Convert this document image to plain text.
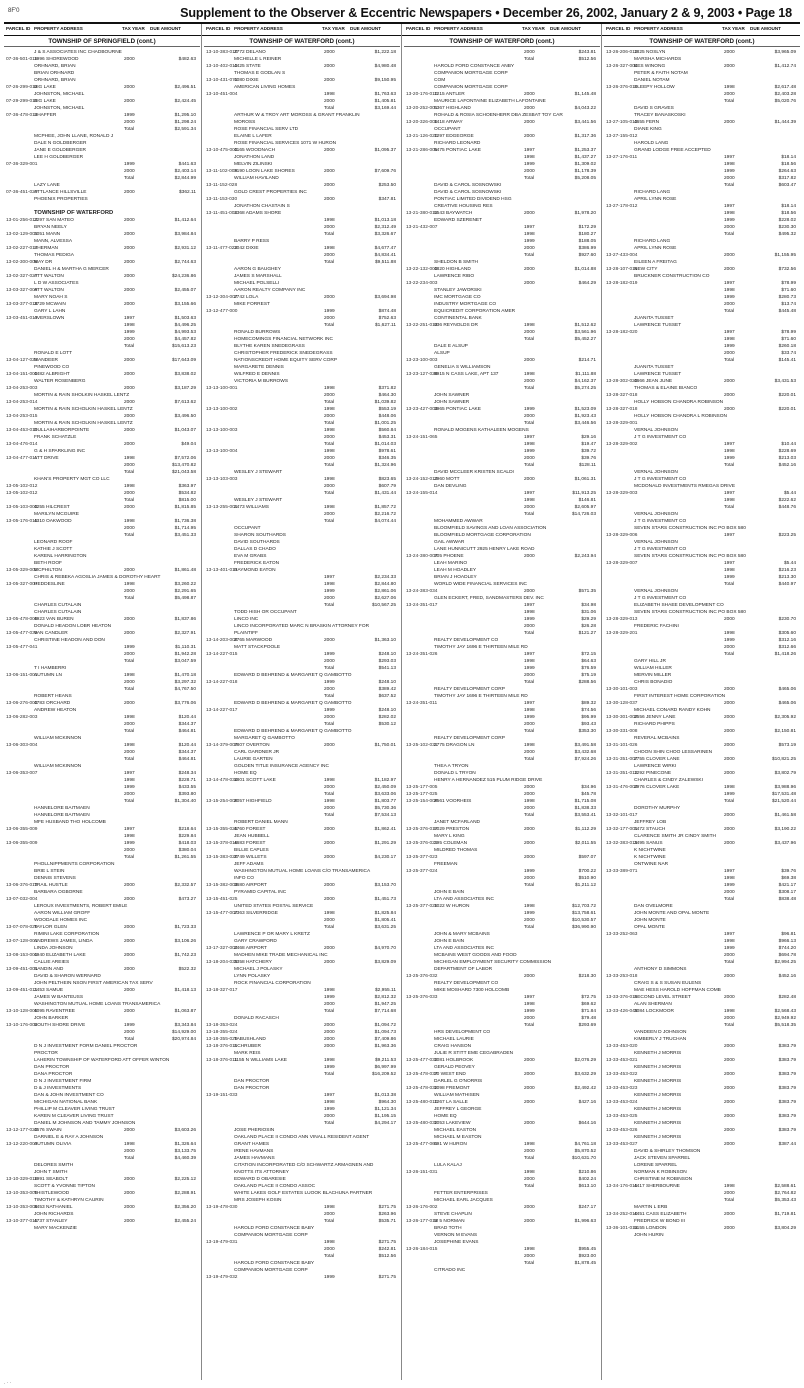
8F'0	Supplement to the Observer & Eccentric Newspapers • December 26, 2002, January 2 & 9, 2003 • Page 18
PARCEL ID PROPERTY ADDRESS	TAX YEAR DUE AMOUNT	PARCEL ID PROPERTY ADDRESS	TAX YEAR DUE AMOUNT	PARCEL ID PROPERTY ADDRESS	TAX YEAR DUE AMOUNT	PARCEL ID PROPERTY ADDRESS	TAX YEAR DUE AMOUNT
TOWNSHIP OF SPRINGFIELD (cont.)
J & S ASSOCIATES INC CHADBOURNE
07-36-501-015
1996 SHOREWOOD	2000	$482.63
ORHNARD, BRIAN
BRIAN ORHNARD
ORHNARD, BRIAN
07-26-299-012
BIG LAKE	2000	$2,496.51
JOHNSTON, MICHAEL
07-29-299-015
BIG LAKE	2000	$2,424.45
JOHNSTON, MICHAEL
07-36-478-013
SHAFFER	1999	$1,295.10
2000	$1,298.24
Total	$2,591.34
MCPHEE, JOHN LLANE, RONALD J
DALE N GOLDBERGER
JANE E GOLDBERGER
LEE H GOLDBERGER
07-36-329-001	1999	$441.63
2000	$2,403.14
Total	$2,844.99
LAZY LANE
07-36-451-020
ATTLANCE HILLSVILLE	2000	$362.11
PHOENIX PROPERTIES
TOWNSHIP OF WATERFORD
13-01-256-013
2297 SAN MATEO	2000	$1,412.64
BRYAN NEELY
13-02-129-001
3051 MANN	2000	$3,984.84
MANN, ALVESSA
13-02-227-017
SHERMAN	2000	$2,931.12
THOMAS PEDIGA
13-02-300-006
MAY DR	2000	$2,744.63
DANIEL H & MARTHA G MERCER
13-02-327-027
ATT WALTON	2000	$24,236.86
L D W ASSOCIATES
13-03-327-008
ATT WALTON	2000	$2,455.07
MARY NOAH S
13-03-377-018
3729 MCWAIN	2000	$3,155.66
GARY L LAHN
13-03-451-013
AVERSLOWN	1997	$1,503.63
1998	$4,496.25
1999	$4,993.53
2000	$4,457.82
Total	$15,613.23
RONALD E LOTT
13-04-127-021
MANDEER	2000	$17,643.09
PINEWOOD CO
13-04-151-003
4482 ALBRIGHT	2000	$3,838.02
WALTER ROSENBERG
13-04-253-003	2000	$3,187.29
MORTIN & RAIN SHOLKIN HASKEL LENTZ
13-04-253-014	2000	$7,613.62
MORTIN & RAIN SCHOLKIN HASKEL LENTZ
13-04-253-015	2000	$3,496.50
MORTIN & RAIN SCHOLKIN HASKEL LENTZ
13-04-453-015
DULLAIHARBORPOINTE	2000	$1,043.07
FRANK SCHATZLE
13-04-476-014	2000	$49.04
G & H SPARKLING INC
13-04-477-011
ATT DRIVE	1998	$7,572.06
2000	$13,470.82
Total	$21,043.58
KHAN'S PROPERTY MGT CO LLC
13-05-102-012	1998	$363.97
13-05-102-012	2000	$534.82
Total	$815.00
13-05-103-003
4255 HILCREST	2000	$1,815.85
MARILYN MCGUIRE
13-05-176-015
4310 OAKWOOD	1998	$1,736.38
2000	$1,714.95
Total	$3,451.33
LEONARD ROOF
KATHIE J SCOTT
KARENL HARRINGTON
BETH ROOF
13-05-329-002
MCPHILTON	2000	$1,861.48
CHRIS & REBEKA AGOSLIA JAMES & DOROTHY HEART
13-05-327-007
HEDDESLINE	1998	$3,260.22
2000	$2,291.65
Total	$5,498.87
CHARLES CUTALAIN
CHARLES CUTALAIN
13-05-478-009
4923 VAN BUREN	2000	$1,837.86
DONALD HEADON LOBR HEATON
13-05-477-035
VAN CANDLER	2000	$2,327.91
CHRISTINE HEADON AND DON
13-05-477-041	1999	$1,110.31
2000	$1,942.28
Total	$3,047.59
T I HAMBERRI
13-06-151-001
AUTUMN LN	1998	$1,470.18
2000	$3,297.32
Total	$4,767.50
ROBERT HEANS
13-06-276-003
4783 ORCHARD	2000	$3,776.06
ANDREW HEATON
13-06-282-003	1998	$120.44
2000	$344.37
Total	$464.81
WILLIAM MCKINNON
13-06-303-004	1998	$120.44
2000	$344.37
Total	$464.81
WILLIAM MCKINNON
13-06-353-007	1997	$248.34
1998	$228.71
1999	$433.55
2000	$393.80
Total	$1,304.40
HANNELORE BAITMAEN
HANNELORE BAITMAEN
MFE HUSBAND THO HOLCOMB
13-06-355-009	1997	$218.64
1998	$229.84
13-06-355-009	1999	$418.03
2000	$380.04
Total	$1,261.55
PHOLLNIPPMENTS CORPORATION
BRIE L STEIN
DENNIS STEVENS
13-06-376-013
TRAIL HUSTLE	2000	$2,332.57
BARBARA OGBORNE
13-07-032-004	2000	$473.27
LEROUX INVESTMENTS, ROBERT EMILE
AARON WILLIAM GROFF
WOODALE HOMES INC
13-07-078-026
TAYLOR GLEN	2000	$1,723.33
RIMINI LAKE CORPORATION
13-07-128-001
ANDREWS JAMES, LINDA	2000	$3,106.26
LINDA JOHNSON
13-08-153-001
4940 ELIZABETH LAKE	2000	$1,742.23
CALLIE AREIES
13-09-451-001
SANDIN AND	2000	$522.32
DAVID & SHARON WERNARD
JOHN PELTHEIN NSON FIRST AMERICAN TAX SERV
13-09-451-011
3453 SAMUE	2000	$1,418.13
JAMES W BANTEUSS
WASHINGTON MUTUAL HOME LOANS TRANSAMERICA
13-10-128-005
4095 RAVENTREE	2000	$1,063.87
JOHN BARKER
13-10-176-002
SOUTH SHORE DRIVE	1999	$3,343.84
2000	$14,929.00
Total	$20,974.84
D N J INVESTMENT FORM DANIEL PROCTOR
PROCTOR
LAHERIN TOWNSHIP OF WATERFORD ATT OFFER WINTON
DAN PROCTOR
DANA PROCTOR
D N J INVESTMENT FIRM
D & J INVESTMENTS
DAN & JOHN INVESTMENT CO
MICHIGAN NATIONAL BANK
PHILLIP M CLEAVER LIVING TRUST
KAREN M CLEAVER LIVING TRUST
DANIEL M JOHNSON AND TAMMY JOHNSON
13-12-177-023
4576 SWAIN	2000	$3,603.26
DARNIEL E & RAY A JOHNSON
13-12-220-003
AUTUMN OLIVIA	1998	$1,326.64
2000	$3,133.75
Total	$4,460.39
DELORES SMITH
JOHN T SMITH
13-10-329-018
1991 SEABOLT	2000	$2,225.12
SCOTT & YVONNE TIPTON
13-10-353-005
THISTLEWOOD	2000	$2,288.91
TIMOTHY & KATHRYN CAURIN
13-10-353-006
3453 NATHANIEL	2000	$2,356.20
JOHN RICHARDS
13-10-377-015
4737 STANLEY	2000	$2,455.24
MARY MACKENZIE
TOWNSHIP OF WATERFORD (cont.)
13-10-383-010
2772 DELANO	2000	$1,222.18
MICHELLE L REINER
13-10-402-013
4425 STATE	2000	$4,980.48
THOMAS E GODLAN S
13-10-431-071
4080 DIXIE	2000	$9,150.95
AMERICAN LIVING HOMES
13-10-451-004	1998	$1,763.63
2000	$1,405.81
Total	$3,169.44
ARTHUR W & TROY ART MOROSS & GRANT FRANKLIN
MOROSS
ROSE FINANCIAL SERV LTD
ELAINE L LAFER
ROSE FINANCIAL SERVICES 1071 W HURON
13-10-475-003
4165 WOODNACH	2000	$1,095.37
JONATHON LAND
MELVIN ZILINSKI
13-11-102-009
3190 LOON LAKE SHORES	2000	$7,609.76
WILLIAM HAVILAND
13-11-152-028	2000	$253.50
GOLD CREST PROPERTIES INC
13-11-153-030	2000	$347.81
JONATHON CHASTAIN S
13-11-451-004
3368 ADAMS SHORE
1998	$1,013.18
2000	$2,312.49
Total	$3,326.67
BARRY P RESS
13-11-477-022
3042 DIXIE	1998	$4,677.47
2000	$4,834.41
Total	$9,511.88
AARON G BAUGHEY
JAMES S MARSHALL
MICHAEL POLSELLI
AARON REALTY COMPANY INC
13-12-304-007
2742 LOLA	2000	$3,694.98
MIKE FORREST
13-12-477-000	1999	$874.48
2000	$752.63
Total	$1,627.11
RONALD BURROWS
HOMECOMINGS FINANCIAL NETWORK INC
BLYTHE KAREN SNEDEGRASS
CHRISTOPHER FREDERICK SNEDEGRASS
NATIONSCREDIT HOME EQUITY SERV CORP
MARGARETE DENNIS
WILFRED E DENNIS
VICTORIA M BURROWS
13-13-100-001	1998	$371.82
2000	$464.30
Total	$1,039.82
13-13-100-002	1998	$553.19
2000	$448.06
Total	$1,001.25
13-13-100-003	1998	$560.84
2000	$453.31
Total	$1,014.03
13-13-100-004	1998	$978.61
2000	$346.35
Total	$1,324.96
WESLEY J STEWART
13-13-103-003	1998	$823.65
2000	$607.79
Total	$1,431.44
WESLEY J STEWART
13-13-255-001
2473 WILLIAMS	1998	$1,857.72
2000	$2,216.72
Total	$4,074.44
OCCUPANT
SHARON SOUTHARDS
DAVID SOUTHARDS
DALLAS D CHADO
EVA M GRABS
FREDERICK EATON
13-13-401-013
RAYMOND EATON
1997	$2,234.33
1998	$2,844.80
1999	$2,861.06
2000	$2,627.06
Total	$10,567.25
TODD HISH OR OCCUPANT
LINCO INC
LINCO INCORPORATED MARC N BRASKIN ATTORNEY FOR
PLAINTIFF
13-14-203-008
2765 MARWOOD	2000	$1,363.10
MATT STACKPOOLE
13-14-227-015	1999	$248.10
2000	$293.03
Total	$541.13
EDWARD D BEHREND & MARGARET Q GAMBOTTO
13-14-227-018	1999	$248.10
2000	$389.42
Total	$637.52
EDWARD D BEHREND & MARGARET Q GAMBOTTO
13-14-227-017	1999	$248.10
2000	$282.02
Total	$530.12
EDWARD D BEHREND & MARGARET Q GAMBOTTO
MARGARET Q GAMBOTTO
13-14-379-007
3807 OVERTON	2000	$1,750.01
CARL GARDNER JR
LAURIE GARTEN
GOLDEN TITLE INSURANCE AGENCY INC
HOME EQ
13-14-478-034
1801 SCOTT LAKE	1998	$1,182.97
2000	$2,450.09
Total	$3,633.06
13-15-254-005
2057 HIGHFIELD	1998	$1,803.77
2000	$5,730.36
Total	$7,534.13
ROBERT DANIEL MANN
13-15-355-025
4760 FOREST	2000	$1,862.41
JEAN HUBBELL
13-15-378-016
4683 FOREST	2000	$1,291.29
BILLIE CAPLES
13-15-383-020
2749 WILLETS	2000	$4,230.17
JEFF ADAMS
WASHINGTON MUTUAL HOME LOANS C/O TRANSAMERICA
INFO CO
13-15-382-003
3680 AIRPORT	2000	$3,153.70
PYRAMID CAPITAL INC
13-15-451-025	2000	$1,451.73
UNITED STATES POSTAL SERVICE
13-15-477-007
2363 SILVERRIDGE	1998	$1,825.84
2000	$1,805.41
Total	$3,631.25
LAWRENCE P OR MARY L KRETZ
GARY CRAWFORD
13-17-327-003
2468 AIRPORT	2000	$4,970.70
MADHEN MIKE TRADE MECHANICAL INC
13-18-204-035
3358 HATCHERY	2000	$3,829.09
MICHAEL J POLASKY
LYNN POLASKY
ROCK FINANCIAL CORPORATION
13-18-327-017	1998	$2,955.11
1999	$2,812.32
2000	$1,947.25
Total	$7,714.68
DONALD RACASCH
13-18-353-024	2000	$1,094.72
13-18-355-024	2000	$1,094.73
13-18-355-025
TABUSHLAND	2000	$7,409.86
13-18-376-011
SCHRUBER	2000	$1,963.36
MARK REIS
13-18-376-011
1155 N WILLIAMS LAKE	1998	$9,211.53
1999	$6,997.99
Total	$16,209.52
DAN PROCTOR
DAN PROCTOR
13-19-151-033	1997	$1,013.38
1998	$964.30
1999	$1,121.34
2000	$1,195.15
Total	$4,294.17
JOSE PHERIOSIN
OAKLAND PLACE II CONDO ANN VINALL RESIDENT AGENT
GRANT HAMES
IRENE HAVMANS
JAMES HAVMANS
CITATION INCORPORATED C/O SCHWARTZ ARMAGNEN AND
KNOTTS ITS ATTORNEY
EDWARD D OBARESIE
OAKLAND PLACE II CONDO ASSOC
WHITE LAKES GOLF ESTATES LUOOK BLACHUNA PARTNER
MRS JOSEPH KOSIN
13-19-478-030	1998	$271.75
2000	$263.96
Total	$535.71
HAROLD FORD CONSTANCE BABY
COMPANION MORTGAGE CORP
13-19-479-031	1998	$271.75
2000	$242.81
Total	$512.56
HAROLD FORD CONSTANCE BABY
COMPANION MORTGAGE CORP
13-19-479-032	1999	$271.75
TOWNSHIP OF WATERFORD (cont.)
2000	$243.81
Total	$512.56
HAROLD FORD CONSTANCE ANBY
COMPANION MORTGAGE CORP
COM
COMPANION MORTGAGE CORP
13-20-176-010
1215 ANTLER	2000	$1,145.48
MAURICE LAFONTAINE ELIZABETH LAFONTAINE
13-20-252-001
5367 HIGHLAND	2000	$4,043.22
ROHALD & ROSIA SCHOENHERR DBA ZESBAT TOY CAR
13-20-326-006
1418 ARWAY	2000	$3,441.56
OCCUPANT
13-21-126-020
1297 EDGEORGE	2000	$1,317.36
RICHARD LEONARD
13-21-286-005
5475 PONTIAC LAKE	1997	$1,253.37
1998	$1,437.27
1999	$1,309.02
2000	$1,178.39
Total	$5,208.05
DAVID & CAROL SOSNOWSKI
DAVID & CAROL SOSNOWSKI
PONTIAC LIMITED DIVIDEND HSG
CREATIVE HOUSING RES
13-21-380-012
5543 BAYWATCH	2000	$1,978.20
EDWARD SZERENET
13-21-432-007	1997	$172.29
1998	$180.27
1999	$188.05
2000	$386.99
Total	$927.60
SHELDON B SMITH
13-22-132-003
4820 HIGHLAND	2000	$1,014.88
LAWRENCE RIBO
13-22-234-003	2000	$464.29
STANLEY JAWORSKI
IMC MORTGAGE CO
INDUSTRY MORTGAGE CO
EQUICREDIT CORPORATION AMER
CONTINENTAL BANK
13-22-251-013
936 REYNOLDS DR	1998	$1,512.62
2000	$3,561.96
Total	$5,452.27
DALE E ALSUP
ALSUP
13-23-100-003	2000	$214.71
GENELIA S WILLIAMSON
13-23-127-028
8915 N CASS LAKE, APT 137	1998	$1,111.88
2000	$4,162.37
Total	$5,274.25
JOHN SAWNER
JOHN SAWNER
13-23-427-003
3965 PONTIAC LAKE	1999	$1,523.09
2000	$1,923.43
Total	$3,446.56
RONALD MOGENS KATHALEEN MOGENS
13-24-151-065	1997	$29.16
1998	$19.47
1999	$39.72
2000	$39.76
Total	$128.11
DAVID MCCLEER KRISTEN SCALDI
13-24-152-013
2960 MOTT	2000	$1,061.31
DAN DEVLING
13-24-155-014	1997	$11,913.25
1998	$146.81
2000	$2,605.97
Total	$14,726.03
MOHAMMED AWWAR
BLOOMFIELD SAVINGS AND LOAN ASSOCIATION
BLOOMFIELD MORTGAGE CORPORATION
GAIL AWWAR
LANE HUNNICUTT 2925 HENRY LAKE ROAD
13-24-380-007
305 PHOENE	2000	$2,243.94
LEAH MARINO
LEAH M HOADLEY
BRIAN J HOADLEY
WORLD WIDE FINANCIAL SERVICES INC
13-24-383-034	2000	$571.35
GLEN ECKERT, FRED, SANDMASTERS DEV. INC
13-24-351-017	1997	$34.98
1998	$31.06
1999	$29.29
2000	$26.28
Total	$121.27
REALTY DEVELOPMENT CO
TIMOTHY JAY 1696 E THIRTEEN MILE RD
13-24-351-026	1997	$72.15
1998	$64.63
1999	$76.59
2000	$75.19
Total	$288.56
REALTY DEVELOPMENT CORP
TIMOTHY JAY 1696 E THIRTEEN MILE RD
13-24-351-011	1997	$89.32
1998	$74.56
1999	$95.99
2000	$93.43
Total	$353.30
REALTY DEVELOPMENT CORP
13-25-102-031
2775 DRAGON LN	1998	$3,491.58
2000	$3,432.68
Total	$7,924.26
THEA A TRYON
DONALD L TRYON
HENRY A HERNANDEZ 515 PLUM RIDGE DRIVE
13-25-177-005	2000	$34.96
13-25-177-025	2000	$45.78
13-25-154-009
2561 VOORHEIS	1998	$1,715.08
2000	$1,838.33
Total	$3,553.41
JANET MCFARLAND
13-25-376-017
5029 PRESTON	2000	$1,112.29
MARY L KING
13-25-376-021
295 COLEMAN	2000	$2,011.55
MILDRED THOMAS
13-25-377-023	2000	$597.07
FREEMAN
13-25-377-024	1999	$700.22
2000	$510.90
Total	$1,211.12
JOHN E BAIN
LTA AND ASSOCIATES INC
13-25-377-025
1022 W HURON	1998	$12,703.72
1999	$13,758.61
2000	$10,530.57
Total	$36,990.90
JOHN & MARY MCBAINS
JOHN E BAIN
LTA AND ASSOCIATES INC
MCBAINS WEST GOODS AND FOOD
MICHIGAN EMPLOYMENT SECURITY COMMISSION
DEPARTMENT OF LABOR
13-25-376-032	2000	$218.30
REALTY DEVELOPMENT CO
MIKE MOSHARD 7300 HOLCOMB
13-25-376-033	1997	$72.75
1998	$69.62
1999	$71.84
2000	$79.48
Total	$293.69
HRS DEVELOPMENT CO
MICHAEL LAURIE
CRAIG HANSON
JULIE R STITT EME CEGABRADEN
13-25-477-033
1081 HOLBROOK	2000	$2,076.29
GERALD PEOVEY
13-25-478-037
30 WEST END	2000	$3,632.29
DARLEL G O'NORRIS
13-25-478-032
1098 FREMONT	2000	$2,492.42
WILLIAM MATHISEN
13-25-480-010
1267 LA SALLE	2000	$427.16
JEFFREY L GEORGE
HOME EQ
13-25-480-032
1053 LAKEVIEW	2000	$644.16
MICHAEL EASTON
MICHAEL M EASTON
13-25-477-061
991 W HURON	1998	$4,761.18
2000	$5,870.52
Total	$10,631.70
LULA KALAJ
13-26-151-031	1998	$210.86
2000	$402.24
Total	$613.10
FETTER ENTERPRISES
MICHAEL EARL JACQUES
13-26-176-002	2000	$247.17
STEVE CHAPLIN
13-26-177-013
M 5 NORMAN	2000	$1,996.63
BRAD TOTH
VERNON M EVANS
JOSEPHINE EVANS
13-26-184-015	1998	$955.45
2000	$923.00
Total	$1,878.45
CITRADO INC
TOWNSHIP OF WATERFORD (cont.)
13-26-206-013
1825 NOSLYN	2000	$3,965.09
MARSHA MICHARDS
13-26-327-004
EES WINONG	2000	$1,412.74
PETER & FAITH NOTAM
DANIEL NOTAM
13-26-376-010
SLEEPY HOLLOW	1998	$2,617.48
2000	$2,403.28
Total	$5,020.76
DAVID S GRAVES
TRACEY BANASKOSKI
13-27-105-013
4655 FERN	2000	$1,444.39
DIANE KING
13-27-155-012
HAROLD LANG
GRAND LODGE FREE ACCEPTED
13-27-176-011	1997	$18.14
1998	$18.56
1999	$264.63
2000	$317.82
Total	$603.47
RICHARD LANG
APRIL LYNN ROSE
13-27-178-012	1997	$18.14
1998	$18.56
1999	$228.02
2000	$230.30
Total	$495.32
RICHARD LANG
APRIL LYNN ROSE
13-27-433-004	2000	$1,155.95
EILEEN A FREITAG
13-28-107-015
NEW CITY	2000	$732.56
BRUCKNER CONSTRUCTION CO
13-28-182-019	1997	$78.99
1998	$71.60
1999	$280.73
2000	$13.74
Total	$445.48
JUANITA TUSSET
LAWRENCE TUSSET
13-28-182-020	1997	$78.99
1998	$71.60
1999	$260.18
2000	$33.74
Total	$145.41
JUANITA TUSSET
LAWRENCE TUSSET
13-28-302-023
4666 JEAN JUNE	2000	$3,431.53
THOMAS & ELAINE BIANCO
13-28-327-018	2000	$220.01
HOLLY HOBSON CHANDRA ROBINSON
13-28-327-018	2000	$220.01
HOLLY HOBSON CHANDRA L ROBINSON
13-28-329-001
VERNAL JOHNSON
J T G INVESTMENT CO
13-28-329-002	1997	$10.44
1998	$228.69
1999	$213.03
Total	$452.16
VERNAL JOHNSON
J T G INVESTMENT CO
MCDONALD INVESTMENTS RMEGAS DRIVE
13-28-329-003	1997	$5.44
1998	$222.62
Total	$448.76
VERNAL JOHNSON
J T G INVESTMENT CO
SEVEN STARS CONSTRUCTION INC PO BOX 580
13-28-329-006	1997	$223.25
VERNAL JOHNSON
J T G INVESTMENT CO
SEVEN STARS CONSTRUCTION INC PO BOX 580
13-28-329-007	1997	$5.44
1998	$216.23
1999	$213.30
Total	$440.97
VERNAL JOHNSON
J T G INVESTMENT CO
ELIZABETH SHAEE DEVELOPMENT CO
SEVEN STARS CONSTRUCTION INC PO BOX 580
13-28-329-013	2000	$230.70
FREDERIC FACHINI
13-28-329-201	1998	$305.60
1999	$312.16
2000	$312.66
Total	$1,418.26
GARY HILL JR
WILLIAM HILLER
MERVIN MILLER
CHRIS BONADIO
13-30-101-003	2000	$465.06
FIRST INTEREST HOME CORPORATION
13-30-128-037	2000	$465.06
MICHAEL CONARD RANDY KOHN
13-30-301-002
2556 JENNY LANE	2000	$2,305.92
RICHARD PHIPPS
13-30-331-008	2000	$2,150.81
REVERAL MCBAINS
13-31-101-026	2000	$573.19
CHOON SHIN CHOO LESSARINEN
13-31-351-007
2755 CLOVER LANE	2000	$10,821.25
LAWRENCE WIRKI
13-31-351-013
1292 PINECONE	2000	$3,802.79
CHARLES & CINDY ZALEWSKI
13-31-476-003
2976 CLOVER LAKE	1998	$3,988.96
1999	$17,531.48
Total	$21,520.44
DOROTHY MURPHY
13-32-101-017	2000	$1,461.58
JEFFREY LOB
13-32-177-001
3472 STAUCH	2000	$3,190.22
CLARENCE SMITH JR CINDY SMITH
13-32-383-015
3495 SANUS	2000	$3,437.96
K NICHTWINE
K NICHTWINE
ONTWINE NAR
13-33-389-071	1997	$39.76
1998	$69.38
1999	$421.17
2000	$308.17
Total	$838.48
DAN OVELMORE
JOHN MONTE AND OPAL MONTE
JOHN MONTE
OPAL MONTE
13-33-252-063	1997	$96.81
1998	$966.13
1999	$744.20
2000	$694.78
Total	$2,994.25
ANTHONY D SIMMONS
13-33-253-018	2000	$452.16
CRAIG S & S SUSAN EULENS
MAE HESS HAROLD HOFFMAN COMB
13-33-376-015
SECOND LEVEL STREET	2000	$282.48
ALAN SHERMAN
13-33-426-045
3084 LOCKMOOR	1998	$2,568.43
2000	$2,949.92
Total	$5,518.35
VANDEEN D JOHNSON
KIMBERLY J TRUCHAN
13-33-453-020	2000	$383.79
KENNETH J MORRIS
13-33-453-021	2000	$383.79
KENNETH J MORRIS
13-33-453-022	2000	$383.79
KENNETH J MORRIS
13-33-453-023	2000	$383.79
KENNETH J MORRIS
13-33-453-024	2000	$383.79
KENNETH J MORRIS
13-33-453-025	2000	$383.79
KENNETH J MORRIS
13-33-453-026	2000	$383.79
KENNETH J MORRIS
13-33-453-027	2000	$387.44
DAVID & SHIRLEY THOMSON
JACK STEVEN SPARREL
LORENE SPARREL
NORMAN K ROBINSON
CHRISTINE M ROBINSON
13-34-176-015
4417 SHERBOURNE	1998	$2,588.61
2000	$2,764.82
Total	$5,353.43
MARTIN L ERB
13-34-252-010
4451 CASS ELIZABETH	2000	$1,719.81
FREDRICK W BOND III
13-36-101-013
5155 LONDON	2000	$3,804.29
JOHN HURIN
. · ·
